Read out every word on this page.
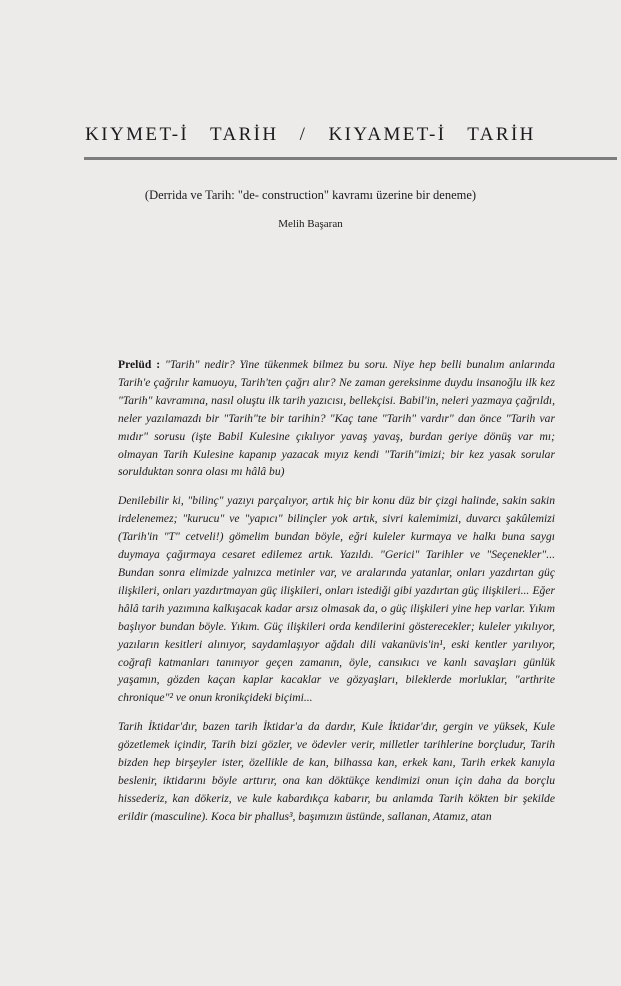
KIYMET-İ TARİH / KIYAMET-İ TARİH
(Derrida ve Tarih: "de- construction" kavramı üzerine bir deneme)
Melih Başaran

Prelüd : "Tarih" nedir? Yine tükenmek bilmez bu soru. Niye hep belli bunalım anlarında Tarih'e çağrılır kamuoyu, Tarih'ten çağrı alır? Ne zaman gereksinme duydu insanoğlu ilk kez "Tarih" kavramına, nasıl oluştu ilk tarih yazıcısı, bellekçisi. Babil'in, neleri yazmaya çağrıldı, neler yazılamazdı bir "Tarih"te bir tarihin? "Kaç tane "Tarih" vardır" dan önce "Tarih var mıdır" sorusu (işte Babil Kulesine çıkılıyor yavaş yavaş, burdan geriye dönüş var mı; olmayan Tarih Kulesine kapanıp yazacak mıyız kendi "Tarih"imizi; bir kez yasak sorular sorulduktan sonra olası mı hâlâ bu)

Denilebilir ki, "bilinç" yazıyı parçalıyor, artık hiç bir konu düz bir çizgi halinde, sakin sakin irdelenemez; "kurucu" ve "yapıcı" bilinçler yok artık, sivri kalemimizi, duvarcı şakûlemizi (Tarih'in "T" cetveli!) gömelim bundan böyle, eğri kuleler kurmaya ve halkı buna saygı duymaya çağırmaya cesaret edilemez artık. Yazıldı. "Gerici" Tarihler ve "Seçenekler"... Bundan sonra elimizde yalnızca metinler var, ve aralarında yatanlar, onları yazdırtan güç ilişkileri, onları yazdırtmayan güç ilişkileri, onları istediği gibi yazdırtan güç ilişkileri... Eğer hâlâ tarih yazımına kalkışacak kadar arsız olmasak da, o güç ilişkileri yine hep varlar. Yıkım başlıyor bundan böyle. Yıkım. Güç ilişkileri orda kendilerini gösterecekler; kuleler yıkılıyor, yazıların kesitleri alınıyor, saydamlaşıyor ağdalı dili vakanüvis'in¹, eski kentler yarılıyor, coğrafi katmanları tanınıyor geçen zamanın, öyle, cansıkıcı ve kanlı savaşları günlük yaşamın, gözden kaçan kaplar kacaklar ve gözyaşları, bileklerde morluklar, "arthrite chronique"² ve onun kronikçideki biçimi...

Tarih İktidar'dır, bazen tarih İktidar'a da dardır, Kule İktidar'dır, gergin ve yüksek, Kule gözetlemek içindir, Tarih bizi gözler, ve ödevler verir, milletler tarihlerine borçludur, Tarih bizden hep birşeyler ister, özellikle de kan, bilhassa kan, erkek kanı, Tarih erkek kanıyla beslenir, iktidarını böyle arttırır, ona kan döktükçe kendimizi onun için daha da borçlu hissederiz, kan dökeriz, ve kule kabardıkça kabarır, bu anlamda Tarih kökten bir şekilde erildir (masculine). Koca bir phallus³, başımızın üstünde, sallanan, Atamız, atan
